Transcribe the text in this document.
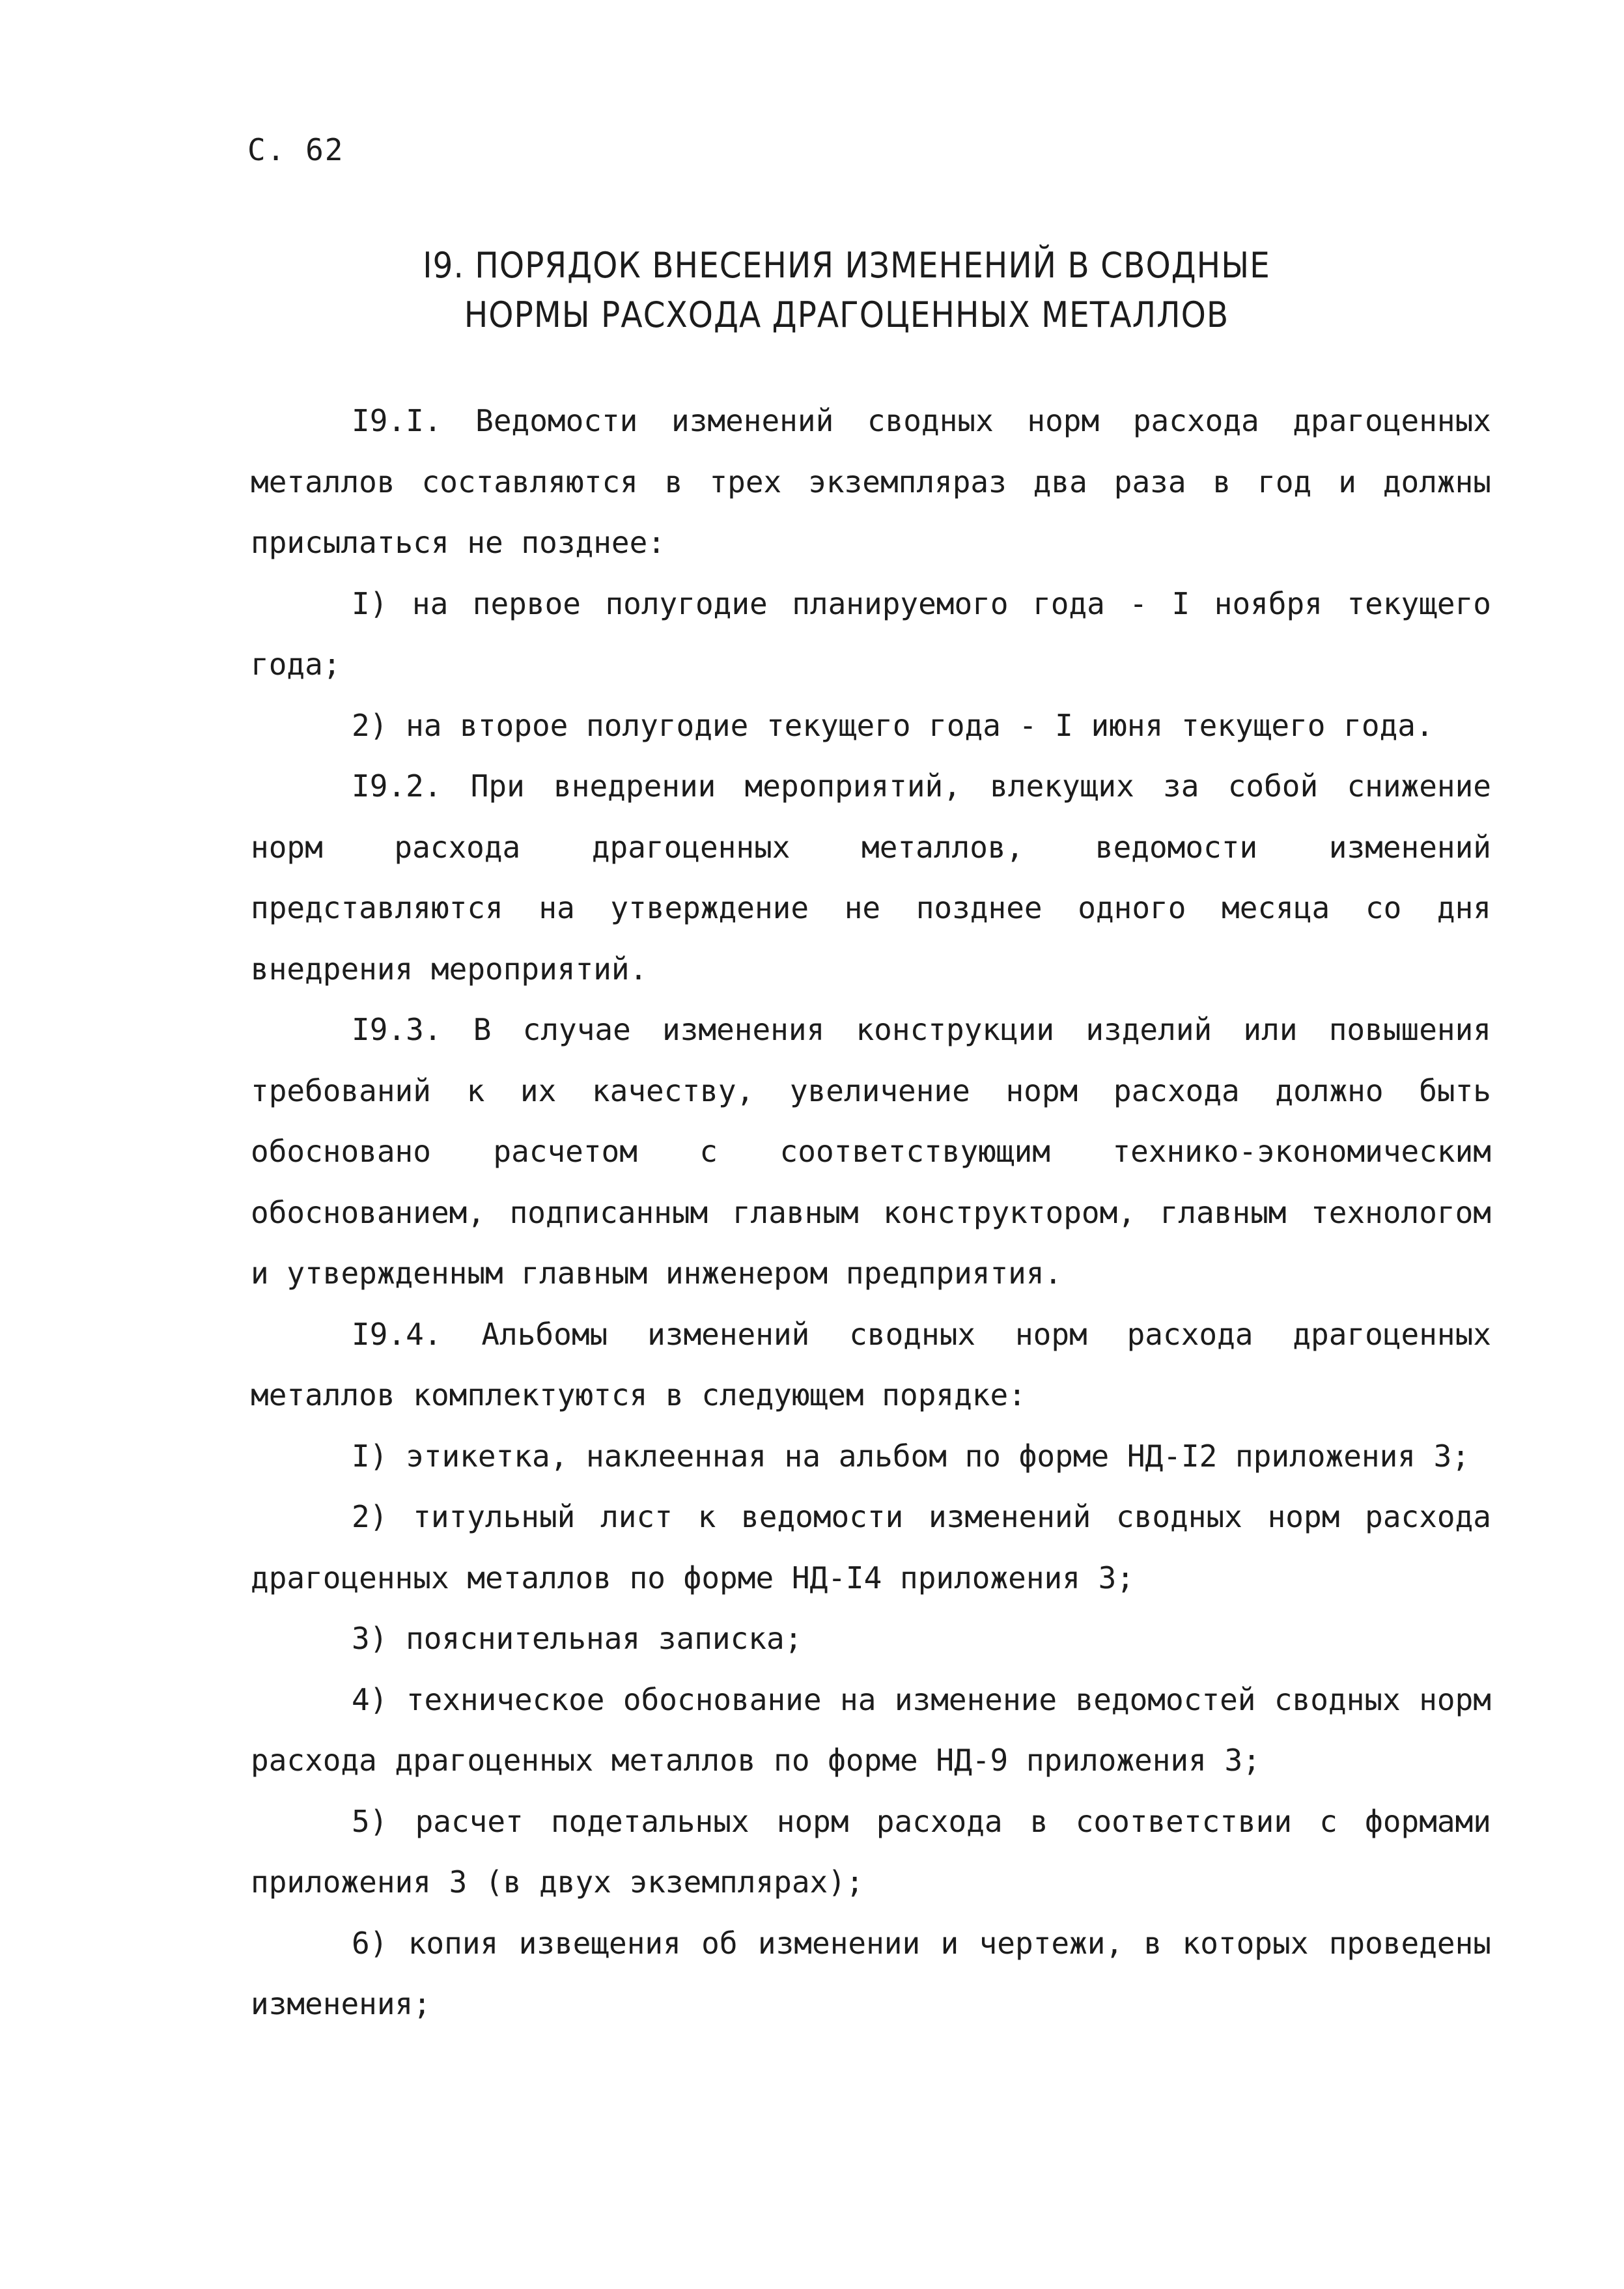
С. 62
I9. ПОРЯДОК ВНЕСЕНИЯ ИЗМЕНЕНИЙ В СВОДНЫЕ
НОРМЫ РАСХОДА ДРАГОЦЕННЫХ МЕТАЛЛОВ

I9.I. Ведомости изменений сводных норм расхода драгоценных металлов составляются в трех экземпляраз два раза в год и должны присылаться не позднее:

I) на первое полугодие планируемого года - I ноября текущего года;

2) на второе полугодие текущего года - I июня текущего года.

I9.2. При внедрении мероприятий, влекущих за собой снижение норм расхода драгоценных металлов, ведомости изменений представляются на утверждение не позднее одного месяца со дня внедрения мероприятий.

I9.3. В случае изменения конструкции изделий или повышения требований к их качеству, увеличение норм расхода должно быть обосновано расчетом с соответствующим технико-экономическим обоснованием, подписанным главным конструктором, главным технологом и утвержденным главным инженером предприятия.

I9.4. Альбомы изменений сводных норм расхода драгоценных металлов комплектуются в следующем порядке:

I) этикетка, наклеенная на альбом по форме НД-I2 приложения 3;

2) титульный лист к ведомости изменений сводных норм расхода драгоценных металлов по форме НД-I4 приложения 3;

3) пояснительная записка;

4) техническое обоснование на изменение ведомостей сводных норм расхода драгоценных металлов по форме НД-9 приложения 3;

5) расчет подетальных норм расхода в соответствии с формами приложения 3 (в двух экземплярах);

6) копия извещения об изменении и чертежи, в которых проведены изменения;
